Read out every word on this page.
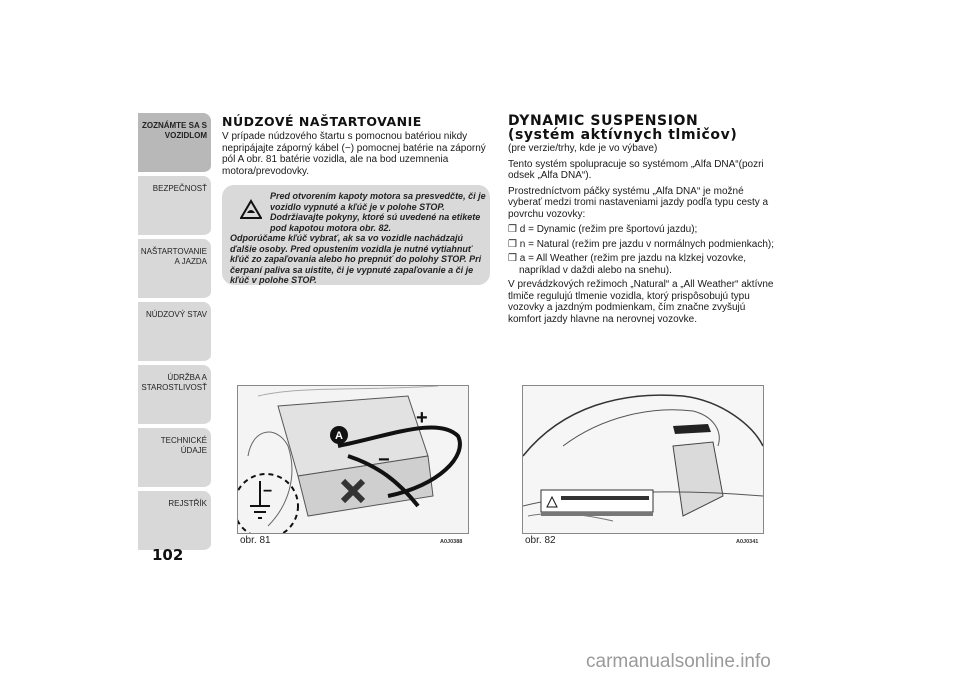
ZOZNÁMTE SA S VOZIDLOM
BEZPEČNOSŤ
NAŠTARTOVANIE A JAZDA
NÚDZOVÝ STAV
ÚDRŽBA A STAROSTLIVOSŤ
TECHNICKÉ ÚDAJE
REJSTŘÍK
102
NÚDZOVÉ NAŠTARTOVANIE

V prípade núdzového štartu s pomocnou batériou nikdy nepripájajte záporný kábel (−) pomocnej batérie na záporný pól A obr. 81 batérie vozidla, ale na bod uzemnenia motora/prevodovky.

Pred otvorením kapoty motora sa presvedčte, či je vozidlo vypnuté a kľúč je v polohe STOP. Dodržiavajte pokyny, ktoré sú uvedené na etikete pod kapotou motora obr. 82.
Odporúčame kľúč vybrať, ak sa vo vozidle nachádzajú ďalšie osoby. Pred opustením vozidla je nutné vytiahnuť kľúč zo zapaľovania alebo ho prepnúť do polohy STOP. Pri čerpaní paliva sa uistite, či je vypnuté zapaľovanie a či je kľúč v polohe STOP.
A
+
−
−
obr. 81	A0J0388
DYNAMIC SUSPENSION
(systém aktívnych tlmičov)

(pre verzie/trhy, kde je vo výbave)

Tento systém spolupracuje so systémom „Alfa DNA“(pozri odsek „Alfa DNA“).

Prostredníctvom páčky systému „Alfa DNA“ je možné vyberať medzi tromi nastaveniami jazdy podľa typu cesty a povrchu vozovky:

❒ d = Dynamic (režim pre športovú jazdu);

❒ n = Natural (režim pre jazdu v normálnych podmienkach);

❒ a = All Weather (režim pre jazdu na klzkej vozovke, napríklad v daždi alebo na snehu).

V prevádzkových režimoch „Natural“ a „All Weather“ aktívne tlmiče regulujú tlmenie vozidla, ktorý prispôsobujú typu vozovky a jazdným podmienkam, čím značne zvyšujú komfort jazdy hlavne na nerovnej vozovke.

obr. 82	A0J0341
carmanualsonline.info
